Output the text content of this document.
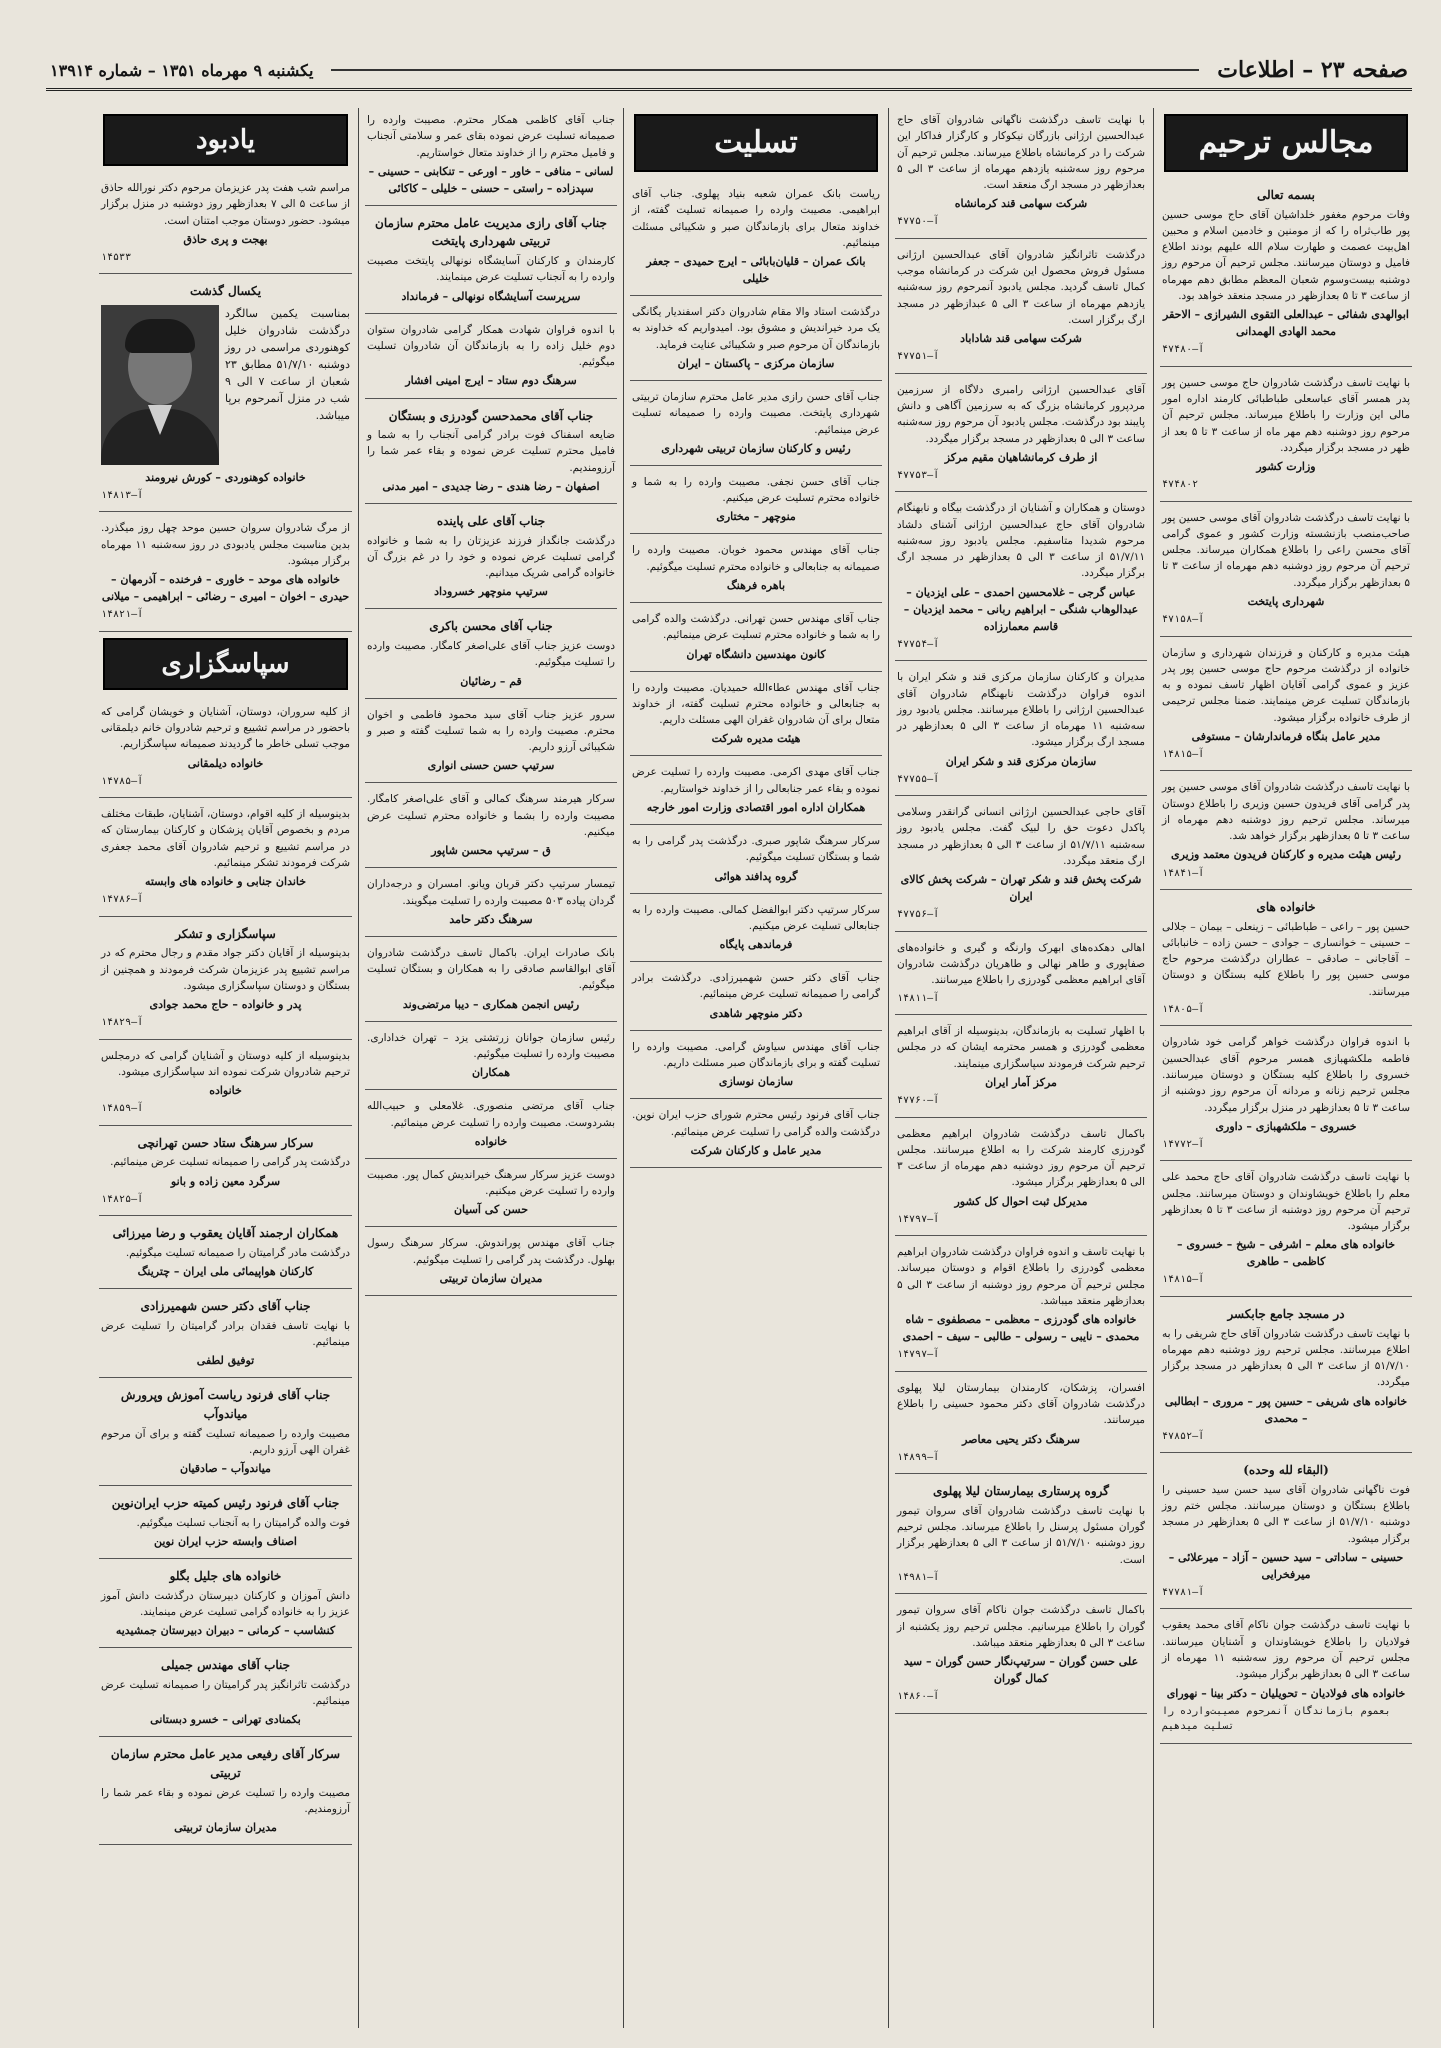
صفحه ۲۳ – اطلاعات
یکشنبه ۹ مهرماه ۱۳۵۱ – شماره ۱۳۹۱۴
مجالس ترحیم
بسمه تعالی

وفات مرحوم مغفور خلداشیان آقای حاج موسی حسین پور طاب‌ثراه را که از مومنین و خادمین اسلام و محبین اهل‌بیت عصمت و طهارت سلام الله علیهم بودند اطلاع فامیل و دوستان میرسانند. مجلس ترحیم آن مرحوم روز دوشنبه بیست‌وسوم شعبان المعظم مطابق دهم مهرماه از ساعت ۳ تا ۵ بعدازظهر در مسجد منعقد خواهد بود.

ابوالهدی شفائی – عبدالعلی التقوی الشیرازی – الاحقر محمد الهادی الهمدانی

آ–۴۷۴۸۰

با نهایت تاسف درگذشت شادروان حاج موسی حسین پور پدر همسر آقای عباسعلی طباطبائی کارمند اداره امور مالی این وزارت را باطلاع میرساند. مجلس ترحیم آن مرحوم روز دوشنبه دهم مهر ماه از ساعت ۳ تا ۵ بعد از ظهر در مسجد برگزار میگردد.

وزارت کشور

۴۷۴۸۰۲

با نهایت تاسف درگذشت شادروان آقای موسی حسین پور صاحب‌منصب بازنشسته وزارت کشور و عموی گرامی آقای محسن راعی را باطلاع همکاران میرساند. مجلس ترحیم آن مرحوم روز دوشنبه دهم مهرماه از ساعت ۳ تا ۵ بعدازظهر برگزار میگردد.

شهرداری پایتخت

آ–۴۷۱۵۸

هیئت مدیره و کارکنان و فرزندان شهرداری و سازمان خانواده از درگذشت مرحوم حاج موسی حسین پور پدر عزیز و عموی گرامی آقایان اظهار تاسف نموده و به بازماندگان تسلیت عرض مینمایند. ضمنا مجلس ترحیمی از طرف خانواده برگزار میشود.

مدیر عامل بنگاه فرماندارشان – مستوفی

آ–۱۴۸۱۵

با نهایت تاسف درگذشت شادروان آقای موسی حسین پور پدر گرامی آقای فریدون حسین وزیری را باطلاع دوستان میرساند. مجلس ترحیم روز دوشنبه دهم مهرماه از ساعت ۳ تا ۵ بعدازظهر برگزار خواهد شد.

رئیس هیئت مدیره و کارکنان فریدون معتمد وزیری

آ–۱۴۸۴۱

خانواده های

حسین پور – راعی – طباطبائی – زینعلی – بیمان – جلالی – حسینی – خوانساری – جوادی – حسن زاده – خانبابائی – آقاجانی – صادقی – عطاران درگذشت مرحوم حاج موسی حسین پور را باطلاع کلیه بستگان و دوستان میرسانند.

آ–۱۴۸۰۵

با اندوه فراوان درگذشت خواهر گرامی خود شادروان فاطمه ملکشهبازی همسر مرحوم آقای عبدالحسین خسروی را باطلاع کلیه بستگان و دوستان میرسانند. مجلس ترحیم زنانه و مردانه آن مرحوم روز دوشنبه از ساعت ۳ تا ۵ بعدازظهر در منزل برگزار میگردد.

خسروی – ملکشهبازی – داوری

آ–۱۴۷۷۲

با نهایت تاسف درگذشت شادروان آقای حاج محمد علی معلم را باطلاع خویشاوندان و دوستان میرسانند. مجلس ترحیم آن مرحوم روز دوشنبه از ساعت ۳ تا ۵ بعدازظهر برگزار میشود.

خانواده های معلم – اشرفی – شیخ – خسروی – کاظمی – طاهری

آ–۱۴۸۱۵

در مسجد جامع جابکسر

با نهایت تاسف درگذشت شادروان آقای حاج شریفی را به اطلاع میرسانند. مجلس ترحیم روز دوشنبه دهم مهرماه ۵۱/۷/۱۰ از ساعت ۳ الی ۵ بعدازظهر در مسجد برگزار میگردد.

خانواده های شریفی – حسین پور – مروری – ابطالبی – محمدی

آ–۴۷۸۵۲

(البقاء لله وحده)

فوت ناگهانی شادروان آقای سید حسن سید حسینی را باطلاع بستگان و دوستان میرسانند. مجلس ختم روز دوشنبه ۵۱/۷/۱۰ از ساعت ۳ الی ۵ بعدازظهر در مسجد برگزار میشود.

حسینی – ساداتی – سید حسین – آزاد – میرعلائی – میرفخرایی

آ–۴۷۷۸۱

با نهایت تاسف درگذشت جوان ناکام آقای محمد یعقوب فولادیان را باطلاع خویشاوندان و آشنایان میرسانند. مجلس ترحیم آن مرحوم روز سه‌شنبه ۱۱ مهرماه از ساعت ۳ الی ۵ بعدازظهر برگزار میشود.

خانواده های فولادیان – تحویلیان – دکتر بینا – نهورای

بعموم بازماندگان آنمرحوم مصیبت‌وارده را تسلیت میدهیم

با نهایت تاسف درگذشت ناگهانی شادروان آقای حاج عبدالحسین ارژانی بازرگان نیکوکار و کارگزار فداکار این شرکت را در کرمانشاه باطلاع میرساند. مجلس ترحیم آن مرحوم روز سه‌شنبه یازدهم مهرماه از ساعت ۳ الی ۵ بعدازظهر در مسجد ارگ منعقد است.

شرکت سهامی قند کرمانشاه

آ–۴۷۷۵۰

درگذشت تاثرانگیز شادروان آقای عبدالحسین ارژانی مسئول فروش محصول این شرکت در کرمانشاه موجب کمال تاسف گردید. مجلس یادبود آنمرحوم روز سه‌شنبه یازدهم مهرماه از ساعت ۳ الی ۵ عبدازظهر در مسجد ارگ برگزار است.

شرکت سهامی قند شاداباد

آ–۴۷۷۵۱

آقای عبدالحسین ارژانی رامبری دلاگاه از سرزمین مردپرور کرمانشاه بزرگ که به سرزمین آگاهی و دانش پایبند بود درگذشت. مجلس یادبود آن مرحوم روز سه‌شنبه ساعت ۳ الی ۵ بعدازظهر در مسجد برگزار میگردد.

از طرف کرمانشاهیان مقیم مرکز

آ–۴۷۷۵۳

دوستان و همکاران و آشنایان از درگذشت بیگاه و نابهنگام شادروان آقای حاج عبدالحسین ارژانی آشنای دلشاد مرحوم شدیدا متاسفیم. مجلس یادبود روز سه‌شنبه ۵۱/۷/۱۱ از ساعت ۳ الی ۵ بعدازظهر در مسجد ارگ برگزار میگردد.

عباس گرجی – غلامحسین احمدی – علی ایزدیان – عبدالوهاب شنگی – ابراهیم ربانی – محمد ایزدیان – قاسم معمارزاده

آ–۴۷۷۵۴

مدیران و کارکنان سازمان مرکزی قند و شکر ایران با اندوه فراوان درگذشت نابهنگام شادروان آقای عبدالحسین ارژانی را باطلاع میرسانند. مجلس یادبود روز سه‌شنبه ۱۱ مهرماه از ساعت ۳ الی ۵ بعدازظهر در مسجد ارگ برگزار میشود.

سازمان مرکزی قند و شکر ایران

آ–۴۷۷۵۵

آقای حاجی عبدالحسین ارژانی انسانی گرانقدر وسلامی پاکدل دعوت حق را لبیک گفت. مجلس یادبود روز سه‌شنبه ۵۱/۷/۱۱ از ساعت ۳ الی ۵ بعدازظهر در مسجد ارگ منعقد میگردد.

شرکت پخش قند و شکر تهران – شرکت پخش کالای ایران

آ–۴۷۷۵۶

اهالی دهکده‌های ابهرک وارنگه و گیری و خانواده‌های صفاپوری و طاهر نهالی و طاهریان درگذشت شادروان آقای ابراهیم معظمی گودرزی را باطلاع میرسانند.

آ–۱۴۸۱۱

با اظهار تسلیت به بازماندگان، بدینوسیله از آقای ابراهیم معظمی گودرزی و همسر محترمه ایشان که در مجلس ترحیم شرکت فرمودند سپاسگزاری مینمایند.

مرکز آمار ایران

آ–۴۷۷۶۰

باکمال تاسف درگذشت شادروان ابراهیم معظمی گودرزی کارمند شرکت را به اطلاع میرسانند. مجلس ترحیم آن مرحوم روز دوشنبه دهم مهرماه از ساعت ۳ الی ۵ بعدازظهر برگزار میشود.

مدیرکل ثبت احوال کل کشور

آ–۱۴۷۹۷

با نهایت تاسف و اندوه فراوان درگذشت شادروان ابراهیم معظمی گودرزی را باطلاع اقوام و دوستان میرساند. مجلس ترحیم آن مرحوم روز دوشنبه از ساعت ۳ الی ۵ بعدازظهر منعقد میباشد.

خانواده های گودرزی – معظمی – مصطفوی – شاه محمدی – نایبی – رسولی – طالبی – سیف – احمدی

آ–۱۴۷۹۷

افسران، پزشکان، کارمندان بیمارستان لیلا پهلوی درگذشت شادروان آقای دکتر محمود حسینی را باطلاع میرسانند.

سرهنگ دکتر یحیی معاصر

آ–۱۴۸۹۹

گروه پرستاری بیمارستان لیلا پهلوی

با نهایت تاسف درگذشت شادروان آقای سروان تیمور گوران مسئول پرسنل را باطلاع میرساند. مجلس ترحیم روز دوشنبه ۵۱/۷/۱۰ از ساعت ۳ الی ۵ بعدازظهر برگزار است.

آ–۱۴۹۸۱

باکمال تاسف درگذشت جوان ناکام آقای سروان تیمور گوران را باطلاع میرسانیم. مجلس ترحیم روز یکشنبه از ساعت ۳ الی ۵ بعدازظهر منعقد میباشد.

علی حسن گوران – سرتیپ‌نگار حسن گوران – سید کمال گوران

آ–۱۴۸۶۰

تسلیت

ریاست بانک عمران شعبه بنیاد پهلوی. جناب آقای ابراهیمی. مصیبت وارده را صمیمانه تسلیت گفته، از خداوند متعال برای بازماندگان صبر و شکیبائی مسئلت مینمائیم.

بانک عمران – قلیان‌بابائی – ایرج حمیدی – جعفر خلیلی

درگذشت استاد والا مقام شادروان دکتر اسفندیار یگانگی یک مرد خیراندیش و مشوق بود. امیدواریم که خداوند به بازماندگان آن مرحوم صبر و شکیبائی عنایت فرماید.

سازمان مرکزی – پاکستان – ایران

جناب آقای حسن رازی مدیر عامل محترم سازمان تربیتی شهرداری پایتخت. مصیبت وارده را صمیمانه تسلیت عرض مینمائیم.

رئیس و کارکنان سازمان تربیتی شهرداری

جناب آقای حسن نجفی. مصیبت وارده را به شما و خانواده محترم تسلیت عرض میکنیم.

منوچهر – مختاری

جناب آقای مهندس محمود خوبان. مصیبت وارده را صمیمانه به جنابعالی و خانواده محترم تسلیت میگوئیم.

باهره فرهنگ

جناب آقای مهندس حسن تهرانی. درگذشت والده گرامی را به شما و خانواده محترم تسلیت عرض مینمائیم.

کانون مهندسین دانشگاه تهران

جناب آقای مهندس عطاءالله حمیدیان. مصیبت وارده را به جنابعالی و خانواده محترم تسلیت گفته، از خداوند متعال برای آن شادروان غفران الهی مسئلت داریم.

هیئت مدیره شرکت

جناب آقای مهدی اکرمی. مصیبت وارده را تسلیت عرض نموده و بقاء عمر جنابعالی را از خداوند خواستاریم.

همکاران اداره امور اقتصادی وزارت امور خارجه

سرکار سرهنگ شاپور صبری. درگذشت پدر گرامی را به شما و بستگان تسلیت میگوئیم.

گروه پدافند هوائی

سرکار سرتیپ دکتر ابوالفضل کمالی. مصیبت وارده را به جنابعالی تسلیت عرض میکنیم.

فرماندهی پایگاه

جناب آقای دکتر حسن شهمیرزادی. درگذشت برادر گرامی را صمیمانه تسلیت عرض مینمائیم.

دکتر منوچهر شاهدی

جناب آقای مهندس سیاوش گرامی. مصیبت وارده را تسلیت گفته و برای بازماندگان صبر مسئلت داریم.

سازمان نوسازی

جناب آقای فرنود رئیس محترم شورای حزب ایران نوین. درگذشت والده گرامی را تسلیت عرض مینمائیم.

مدیر عامل و کارکنان شرکت

جناب آقای کاظمی همکار محترم. مصیبت وارده را صمیمانه تسلیت عرض نموده بقای عمر و سلامتی آنجناب و فامیل محترم را از خداوند متعال خواستاریم.

لسانی – منافی – خاور – اورعی – تنکابنی – حسینی – سپدزاده – راستی – حسنی – خلیلی – کاکائی

جناب آقای رازی مدیریت عامل محترم سازمان تربیتی شهرداری پایتخت

کارمندان و کارکنان آسایشگاه نونهالی پایتخت مصیبت وارده را به آنجناب تسلیت عرض مینمایند.

سرپرست آسایشگاه نونهالی – فرمانداد

با اندوه فراوان شهادت همکار گرامی شادروان ستوان دوم خلیل زاده را به بازماندگان آن شادروان تسلیت میگوئیم.

سرهنگ دوم ستاد – ایرج امینی افشار

جناب آقای محمدحسن گودرزی و بستگان

ضایعه اسفناک فوت برادر گرامی آنجناب را به شما و فامیل محترم تسلیت عرض نموده و بقاء عمر شما را آرزومندیم.

اصفهان – رضا هندی – رضا جدیدی – امیر مدنی

جناب آقای علی پاینده

درگذشت جانگداز فرزند عزیزتان را به شما و خانواده گرامی تسلیت عرض نموده و خود را در غم بزرگ آن خانواده گرامی شریک میدانیم.

سرتیپ منوچهر خسروداد

جناب آقای محسن باکری

دوست عزیز جناب آقای علی‌اصغر کامگار. مصیبت وارده را تسلیت میگوئیم.

قم – رضائیان

سرور عزیز جناب آقای سید محمود فاطمی و اخوان محترم. مصیبت وارده را به شما تسلیت گفته و صبر و شکیبائی آرزو داریم.

سرتیپ حسن حسنی انواری

سرکار هیرمند سرهنگ کمالی و آقای علی‌اصغر کامگار. مصیبت وارده را بشما و خانواده محترم تسلیت عرض میکنیم.

ق – سرتیپ محسن شاپور

تیمسار سرتیپ دکتر قربان ویانو. امسران و درجه‌داران گردان پیاده ۵۰۳ مصیبت وارده را تسلیت میگویند.

سرهنگ دکتر حامد

بانک صادرات ایران. باکمال تاسف درگذشت شادروان آقای ابوالقاسم صادقی را به همکاران و بستگان تسلیت میگوئیم.

رئیس انجمن همکاری – دیبا مرتضی‌وند

رئیس سازمان جوانان زرتشتی یزد – تهران خداداری. مصیبت وارده را تسلیت میگوئیم.

همکاران

جناب آقای مرتضی منصوری. غلامعلی و حبیب‌الله بشردوست. مصیبت وارده را تسلیت عرض مینمائیم.

خانواده

دوست عزیز سرکار سرهنگ خیراندیش کمال پور. مصیبت وارده را تسلیت عرض میکنیم.

حسن کی آسیان

جناب آقای مهندس پوراندوش. سرکار سرهنگ رسول بهلول. درگذشت پدر گرامی را تسلیت میگوئیم.

مدیران سازمان تربیتی

یادبود

مراسم شب هفت پدر عزیزمان مرحوم دکتر نورالله حاذق از ساعت ۵ الی ۷ بعدازظهر روز دوشنبه در منزل برگزار میشود. حضور دوستان موجب امتنان است.

بهجت و پری حاذق

۱۴۵۳۳

یکسال گذشت

بمناسبت یکمین سالگرد درگذشت شادروان خلیل کوهنوردی مراسمی در روز دوشنبه ۵۱/۷/۱۰ مطابق ۲۳ شعبان از ساعت ۷ الی ۹ شب در منزل آنمرحوم برپا میباشد.

خانواده کوهنوردی – کورش نیرومند

آ–۱۴۸۱۳

از مرگ شادروان سروان حسین موحد چهل روز میگذرد. بدین مناسبت مجلس یادبودی در روز سه‌شنبه ۱۱ مهرماه برگزار میشود.

خانواده های موحد – خاوری – فرخنده – آذرمهان – حیدری – اخوان – امیری – رضائی – ابراهیمی – میلانی

آ–۱۴۸۲۱

سپاسگزاری

از کلیه سروران، دوستان، آشنایان و خویشان گرامی که باحضور در مراسم تشییع و ترحیم شادروان خانم دیلمقانی موجب تسلی خاطر ما گردیدند صمیمانه سپاسگزاریم.

خانواده دیلمقانی

آ–۱۴۷۸۵

بدینوسیله از کلیه اقوام، دوستان، آشنایان، طبقات مختلف مردم و بخصوص آقایان پزشکان و کارکنان بیمارستان که در مراسم تشییع و ترحیم شادروان آقای محمد جعفری شرکت فرمودند تشکر مینمائیم.

خاندان جنابی و خانواده های وابسته

آ–۱۴۷۸۶

سپاسگزاری و تشکر

بدینوسیله از آقایان دکتر جواد مقدم و رجال محترم که در مراسم تشییع پدر عزیزمان شرکت فرمودند و همچنین از بستگان و دوستان سپاسگزاری میشود.

پدر و خانواده – حاج محمد جوادی

آ–۱۴۸۲۹

بدینوسیله از کلیه دوستان و آشنایان گرامی که درمجلس ترحیم شادروان شرکت نموده اند سپاسگزاری میشود.

خانواده

آ–۱۴۸۵۹

سرکار سرهنگ ستاد حسن تهرانچی

درگذشت پدر گرامی را صمیمانه تسلیت عرض مینمائیم.

سرگرد معین زاده و بانو

آ–۱۴۸۲۵

همکاران ارجمند آقایان یعقوب و رضا میرزائی

درگذشت مادر گرامیتان را صمیمانه تسلیت میگوئیم.

کارکنان هواپیمائی ملی ایران – چترینگ

جناب آقای دکتر حسن شهمیرزادی

با نهایت تاسف فقدان برادر گرامیتان را تسلیت عرض مینمائیم.

توفیق لطفی

جناب آقای فرنود ریاست آموزش وپرورش میاندوآب

مصیبت وارده را صمیمانه تسلیت گفته و برای آن مرحوم غفران الهی آرزو داریم.

میاندوآب – صادقیان

جناب آقای فرنود رئیس کمیته حزب ایران‌نوین

فوت والده گرامیتان را به آنجناب تسلیت میگوئیم.

اصناف وابسته حزب ایران نوین

خانواده های جلیل بگلو

دانش آموزان و کارکنان دبیرستان درگذشت دانش آموز عزیز را به خانواده گرامی تسلیت عرض مینمایند.

کنشاسب – کرمانی – دبیران دبیرستان جمشیدیه

جناب آقای مهندس جمیلی

درگذشت تاثرانگیز پدر گرامیتان را صمیمانه تسلیت عرض مینمائیم.

بکمنادی تهرانی – خسرو دبستانی

سرکار آقای رفیعی مدیر عامل محترم سازمان تربیتی

مصیبت وارده را تسلیت عرض نموده و بقاء عمر شما را آرزومندیم.

مدیران سازمان تربیتی
